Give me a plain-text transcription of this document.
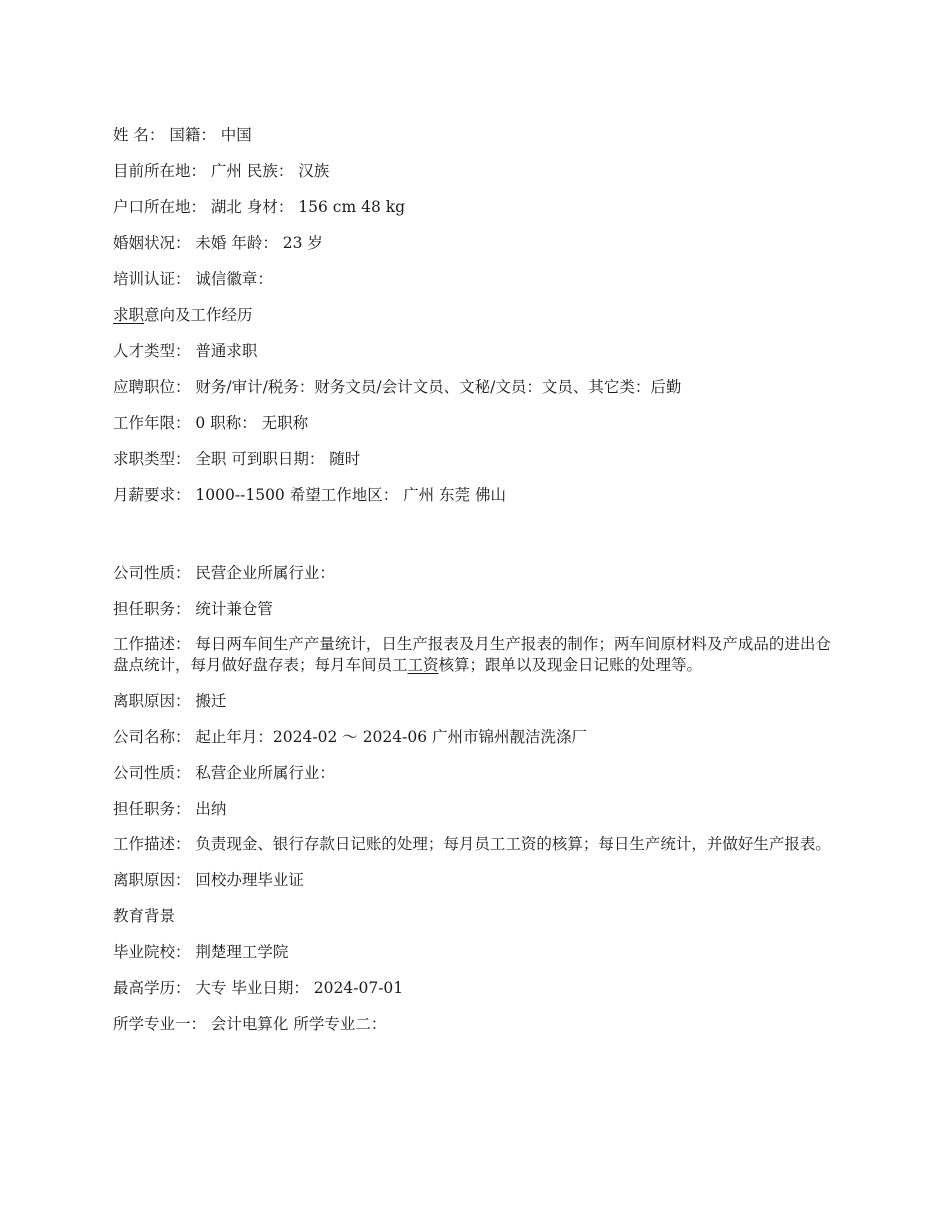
姓 名： 国籍： 中国
目前所在地： 广州 民族： 汉族
户口所在地： 湖北 身材： 156 cm 48 kg
婚姻状况： 未婚 年龄： 23 岁
培训认证： 诚信徽章：
求职意向及工作经历
人才类型： 普通求职
应聘职位： 财务/审计/税务：财务文员/会计文员、文秘/文员：文员、其它类：后勤
工作年限： 0 职称： 无职称
求职类型： 全职 可到职日期： 随时
月薪要求： 1000--1500 希望工作地区： 广州 东莞 佛山
公司性质： 民营企业所属行业：
担任职务： 统计兼仓管
工作描述： 每日两车间生产产量统计，日生产报表及月生产报表的制作；两车间原材料及产成品的进出仓盘点统计，每月做好盘存表；每月车间员工工资核算；跟单以及现金日记账的处理等。
离职原因： 搬迁
公司名称： 起止年月：2024-02 ～ 2024-06 广州市锦州靓洁洗涤厂
公司性质： 私营企业所属行业：
担任职务： 出纳
工作描述： 负责现金、银行存款日记账的处理；每月员工工资的核算；每日生产统计，并做好生产报表。
离职原因： 回校办理毕业证
教育背景
毕业院校： 荆楚理工学院
最高学历： 大专 毕业日期： 2024-07-01
所学专业一： 会计电算化 所学专业二：
